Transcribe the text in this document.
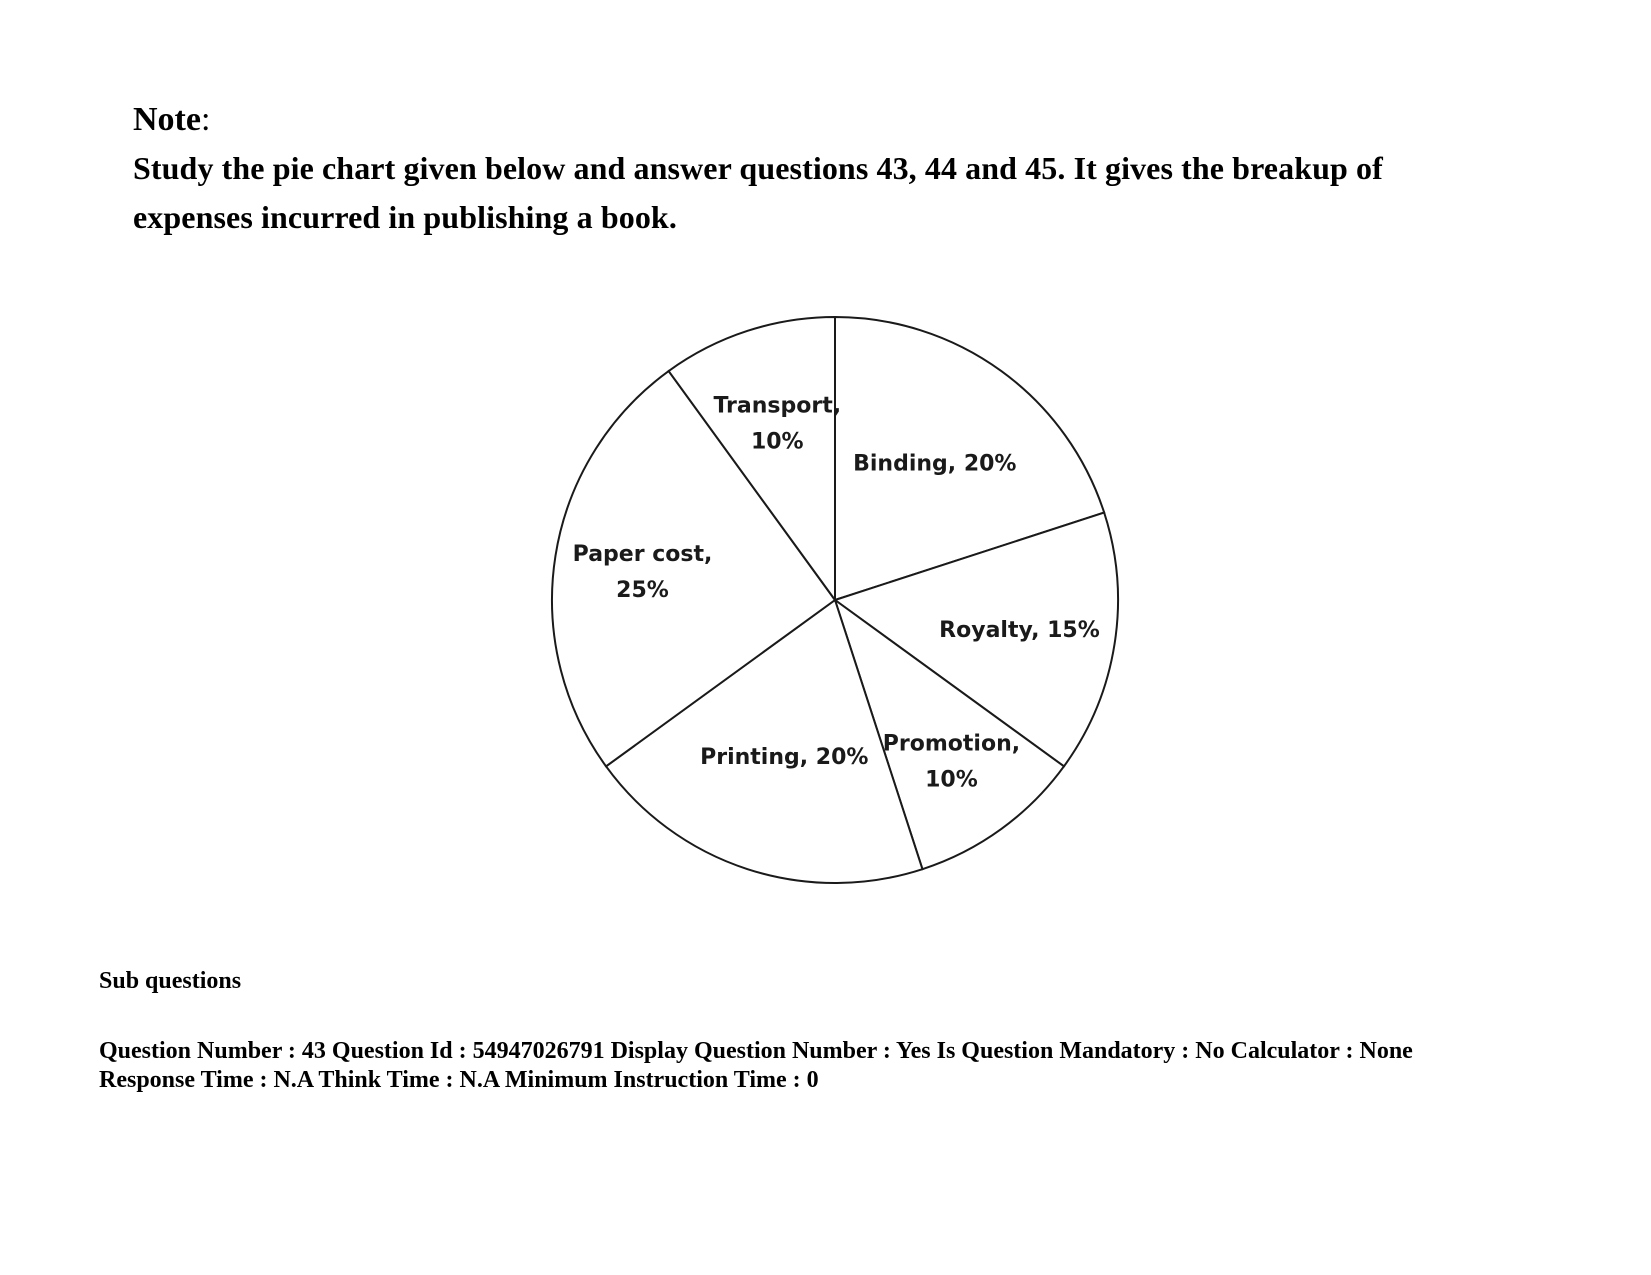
Note:

Study the pie chart given below and answer questions 43, 44 and 45. It gives the breakup of

expenses incurred in publishing a book.

Binding, 20%
Royalty, 15%
Promotion,
10%
Printing, 20%
Paper cost,
25%
Transport,
10%

Sub questions

Question Number : 43 Question Id : 54947026791 Display Question Number : Yes Is Question Mandatory : No Calculator : None
Response Time : N.A Think Time : N.A Minimum Instruction Time : 0
